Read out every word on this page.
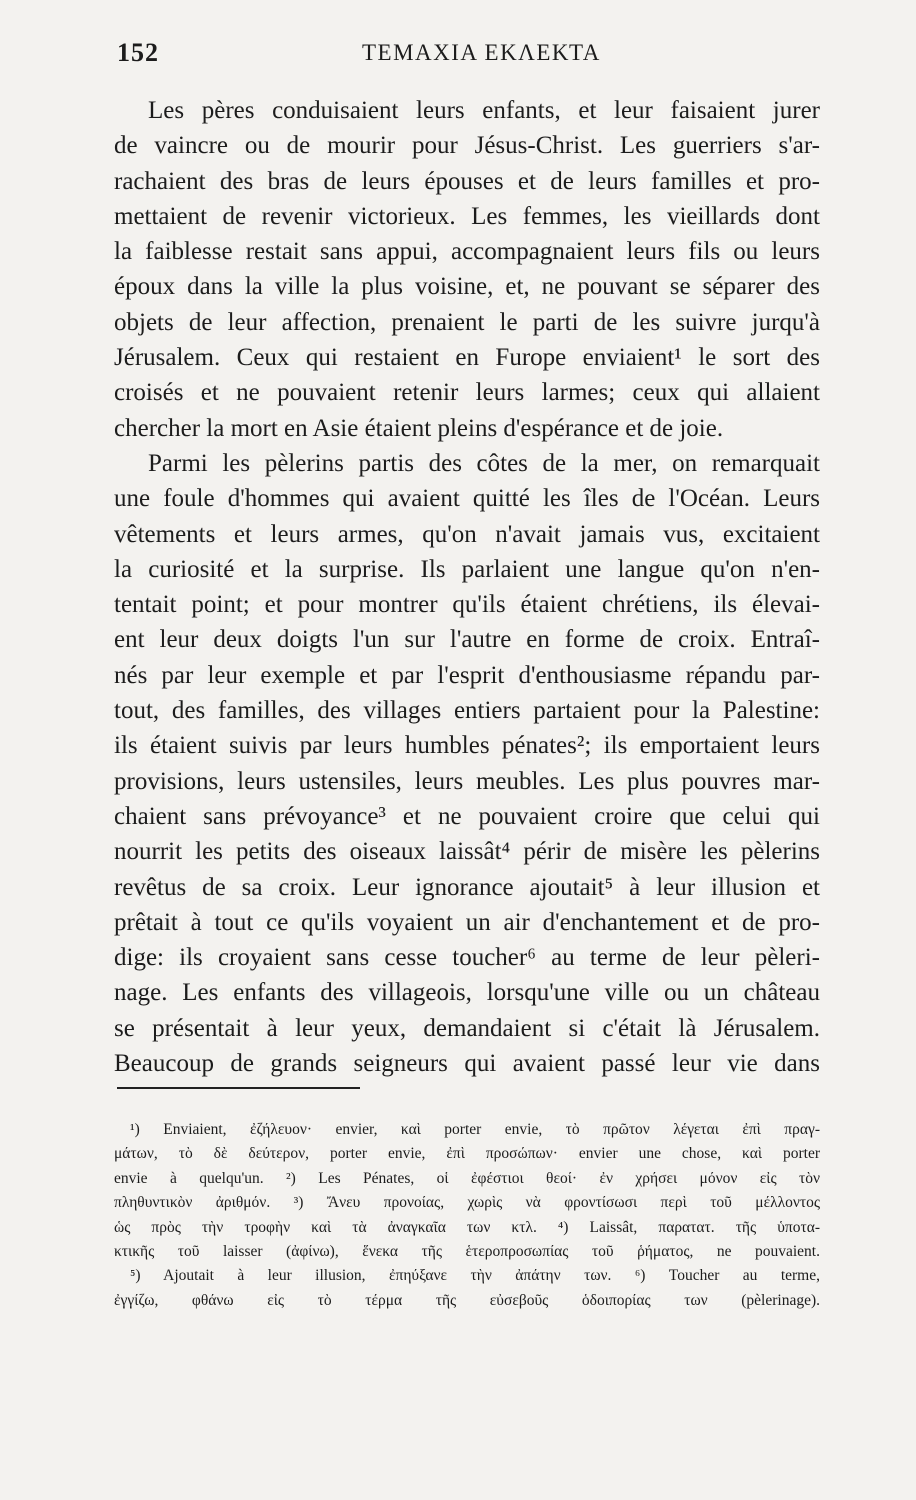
152	ΤΕΜΑΧΙΑ ΕΚΛΕΚΤΑ
Les pères conduisaient leurs enfants, et leur faisaient jurer
de vaincre ou de mourir pour Jésus-Christ. Les guerriers s'ar-
rachaient des bras de leurs épouses et de leurs familles et pro-
mettaient de revenir victorieux. Les femmes, les vieillards dont
la faiblesse restait sans appui, accompagnaient leurs fils ou leurs
époux dans la ville la plus voisine, et, ne pouvant se séparer des
objets de leur affection, prenaient le parti de les suivre jurqu'à
Jérusalem. Ceux qui restaient en Furope enviaient¹ le sort des
croisés et ne pouvaient retenir leurs larmes; ceux qui allaient
chercher la mort en Asie étaient pleins d'espérance et de joie.
Parmi les pèlerins partis des côtes de la mer, on remarquait
une foule d'hommes qui avaient quitté les îles de l'Océan. Leurs
vêtements et leurs armes, qu'on n'avait jamais vus, excitaient
la curiosité et la surprise. Ils parlaient une langue qu'on n'en-
tentait point; et pour montrer qu'ils étaient chrétiens, ils élevai-
ent leur deux doigts l'un sur l'autre en forme de croix. Entraî-
nés par leur exemple et par l'esprit d'enthousiasme répandu par-
tout, des familles, des villages entiers partaient pour la Palestine:
ils étaient suivis par leurs humbles pénates²; ils emportaient leurs
provisions, leurs ustensiles, leurs meubles. Les plus pouvres mar-
chaient sans prévoyance³ et ne pouvaient croire que celui qui
nourrit les petits des oiseaux laissât⁴ périr de misère les pèlerins
revêtus de sa croix. Leur ignorance ajoutait⁵ à leur illusion et
prêtait à tout ce qu'ils voyaient un air d'enchantement et de pro-
dige: ils croyaient sans cesse toucher⁶ au terme de leur pèleri-
nage. Les enfants des villageois, lorsqu'une ville ou un château
se présentait à leur yeux, demandaient si c'était là Jérusalem.
Beaucoup de grands seigneurs qui avaient passé leur vie dans
¹) Enviaient, ἐζήλευον· envier, καὶ porter envie, τὸ πρῶτον λέγεται ἐπὶ πραγ-
μάτων, τὸ δὲ δεύτερον, porter envie, ἐπὶ προσώπων· envier une chose, καὶ porter
envie à quelqu'un. ²) Les Pénates, οἱ ἐφέστιοι θεοί· ἐν χρήσει μόνον εἰς τὸν
πληθυντικὸν ἀριθμόν. ³) Ἄνευ προνοίας, χωρὶς νὰ φροντίσωσι περὶ τοῦ μέλλοντος
ὡς πρὸς τὴν τροφὴν καὶ τὰ ἀναγκαῖα των κτλ. ⁴) Laissât, παρατατ. τῆς ὑποτα-
κτικῆς τοῦ laisser (ἀφίνω), ἕνεκα τῆς ἑτεροπροσωπίας τοῦ ῥήματος, ne pouvaient.
⁵) Ajoutait à leur illusion, ἐπηύξανε τὴν ἀπάτην των. ⁶) Toucher au terme,
ἐγγίζω, φθάνω εἰς τὸ τέρμα τῆς εὐσεβοῦς ὁδοιπορίας των (pèlerinage).
